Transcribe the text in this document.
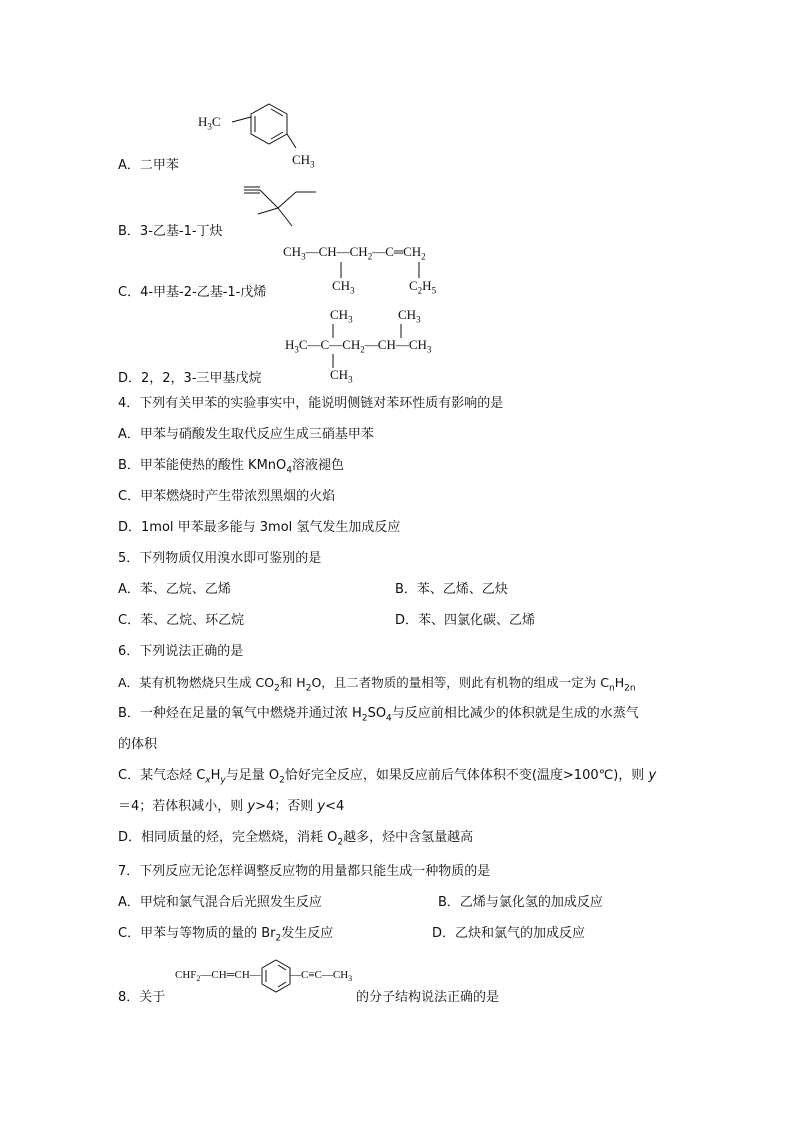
$H_3C$
$CH_3$
A．二甲苯
B．3-乙基-1-丁炔
$CH_3—CH—CH_2—C═CH_2$
$CH_3$	$C_2H_5$
C．4-甲基-2-乙基-1-戊烯
$CH_3$	$CH_3$
$H_3C—C—CH_2—CH—CH_3$
$CH_3$
D．2，2，3-三甲基戊烷
4．下列有关甲苯的实验事实中，能说明侧链对苯环性质有影响的是
A．甲苯与硝酸发生取代反应生成三硝基甲苯
B．甲苯能使热的酸性 KMnO$_4$溶液褪色
C．甲苯燃烧时产生带浓烈黑烟的火焰
D．1mol 甲苯最多能与 3mol 氢气发生加成反应
5．下列物质仅用溴水即可鉴别的是
A．苯、乙烷、乙烯	B．苯、乙烯、乙炔
C．苯、乙烷、环乙烷	D．苯、四氯化碳、乙烯
6．下列说法正确的是
A．某有机物燃烧只生成 $CO_2$和 $H_2O$，且二者物质的量相等，则此有机物的组成一定为 $C_nH_{2n}$
B．一种烃在足量的氧气中燃烧并通过浓 $H_2SO_4$与反应前相比减少的体积就是生成的水蒸气
的体积
C．某气态烃 $C_xH_y$与足量 $O_2$恰好完全反应，如果反应前后气体体积不变(温度>100℃)，则 y
＝4；若体积减小，则 y>4；否则 y<4
D．相同质量的烃，完全燃烧，消耗 $O_2$越多，烃中含氢量越高
7．下列反应无论怎样调整反应物的用量都只能生成一种物质的是
A．甲烷和氯气混合后光照发生反应	B．乙烯与氯化氢的加成反应
C．甲苯与等物质的量的 $Br_2$发生反应	D．乙炔和氯气的加成反应
$CHF_2—CH═CH—$	$—C\equiv C—CH_3$
8．关于	的分子结构说法正确的是
